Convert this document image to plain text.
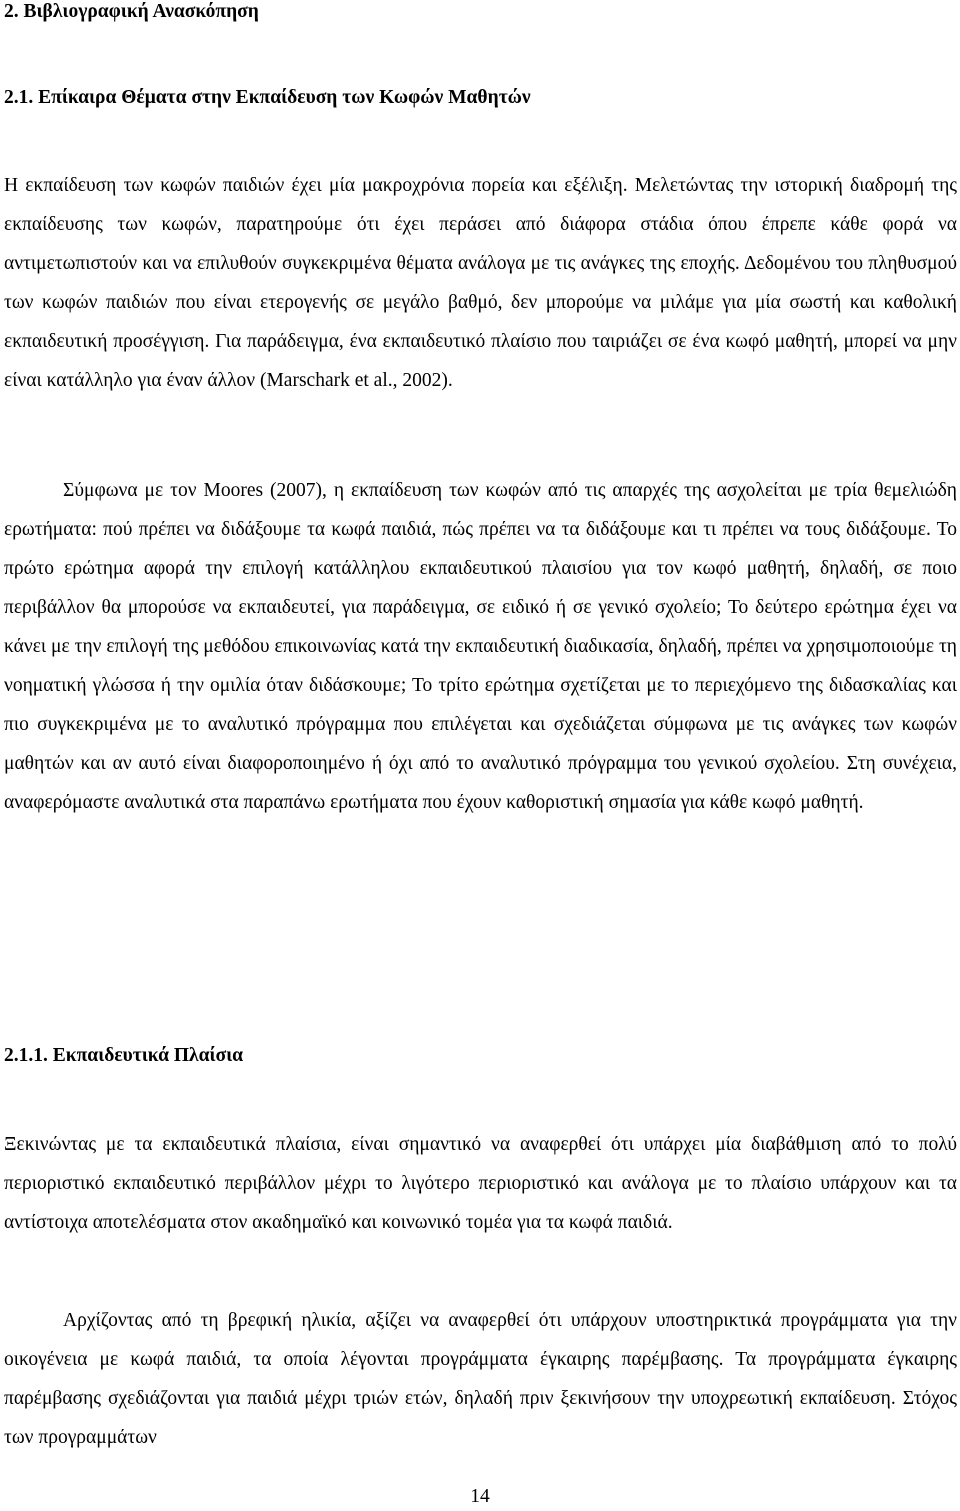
2. Βιβλιογραφική Ανασκόπηση
2.1. Επίκαιρα Θέματα στην Εκπαίδευση των Κωφών Μαθητών

Η εκπαίδευση των κωφών παιδιών έχει μία μακροχρόνια πορεία και εξέλιξη. Μελετώντας την ιστορική διαδρομή της εκπαίδευσης των κωφών, παρατηρούμε ότι έχει περάσει από διάφορα στάδια όπου έπρεπε κάθε φορά να αντιμετωπιστούν και να επιλυθούν συγκεκριμένα θέματα ανάλογα με τις ανάγκες της εποχής. Δεδομένου του πληθυσμού των κωφών παιδιών που είναι ετερογενής σε μεγάλο βαθμό, δεν μπορούμε να μιλάμε για μία σωστή και καθολική εκπαιδευτική προσέγγιση. Για παράδειγμα, ένα εκπαιδευτικό πλαίσιο που ταιριάζει σε ένα κωφό μαθητή, μπορεί να μην είναι κατάλληλο για έναν άλλον (Marschark et al., 2002).

Σύμφωνα με τον Moores (2007), η εκπαίδευση των κωφών από τις απαρχές της ασχολείται με τρία θεμελιώδη ερωτήματα: πού πρέπει να διδάξουμε τα κωφά παιδιά, πώς πρέπει να τα διδάξουμε και τι πρέπει να τους διδάξουμε. Το πρώτο ερώτημα αφορά την επιλογή κατάλληλου εκπαιδευτικού πλαισίου για τον κωφό μαθητή, δηλαδή, σε ποιο περιβάλλον θα μπορούσε να εκπαιδευτεί, για παράδειγμα, σε ειδικό ή σε γενικό σχολείο; Το δεύτερο ερώτημα έχει να κάνει με την επιλογή της μεθόδου επικοινωνίας κατά την εκπαιδευτική διαδικασία, δηλαδή, πρέπει να χρησιμοποιούμε τη νοηματική γλώσσα ή την ομιλία όταν διδάσκουμε; Το τρίτο ερώτημα σχετίζεται με το περιεχόμενο της διδασκαλίας και πιο συγκεκριμένα με το αναλυτικό πρόγραμμα που επιλέγεται και σχεδιάζεται σύμφωνα με τις ανάγκες των κωφών μαθητών και αν αυτό είναι διαφοροποιημένο ή όχι από το αναλυτικό πρόγραμμα του γενικού σχολείου. Στη συνέχεια, αναφερόμαστε αναλυτικά στα παραπάνω ερωτήματα που έχουν καθοριστική σημασία για κάθε κωφό μαθητή.

2.1.1. Εκπαιδευτικά Πλαίσια

Ξεκινώντας με τα εκπαιδευτικά πλαίσια, είναι σημαντικό να αναφερθεί ότι υπάρχει μία διαβάθμιση από το πολύ περιοριστικό εκπαιδευτικό περιβάλλον μέχρι το λιγότερο περιοριστικό και ανάλογα με το πλαίσιο υπάρχουν και τα αντίστοιχα αποτελέσματα στον ακαδημαϊκό και κοινωνικό τομέα για τα κωφά παιδιά.

Αρχίζοντας από τη βρεφική ηλικία, αξίζει να αναφερθεί ότι υπάρχουν υποστηρικτικά προγράμματα για την οικογένεια με κωφά παιδιά, τα οποία λέγονται προγράμματα έγκαιρης παρέμβασης. Τα προγράμματα έγκαιρης παρέμβασης σχεδιάζονται για παιδιά μέχρι τριών ετών, δηλαδή πριν ξεκινήσουν την υποχρεωτική εκπαίδευση. Στόχος των προγραμμάτων

14
